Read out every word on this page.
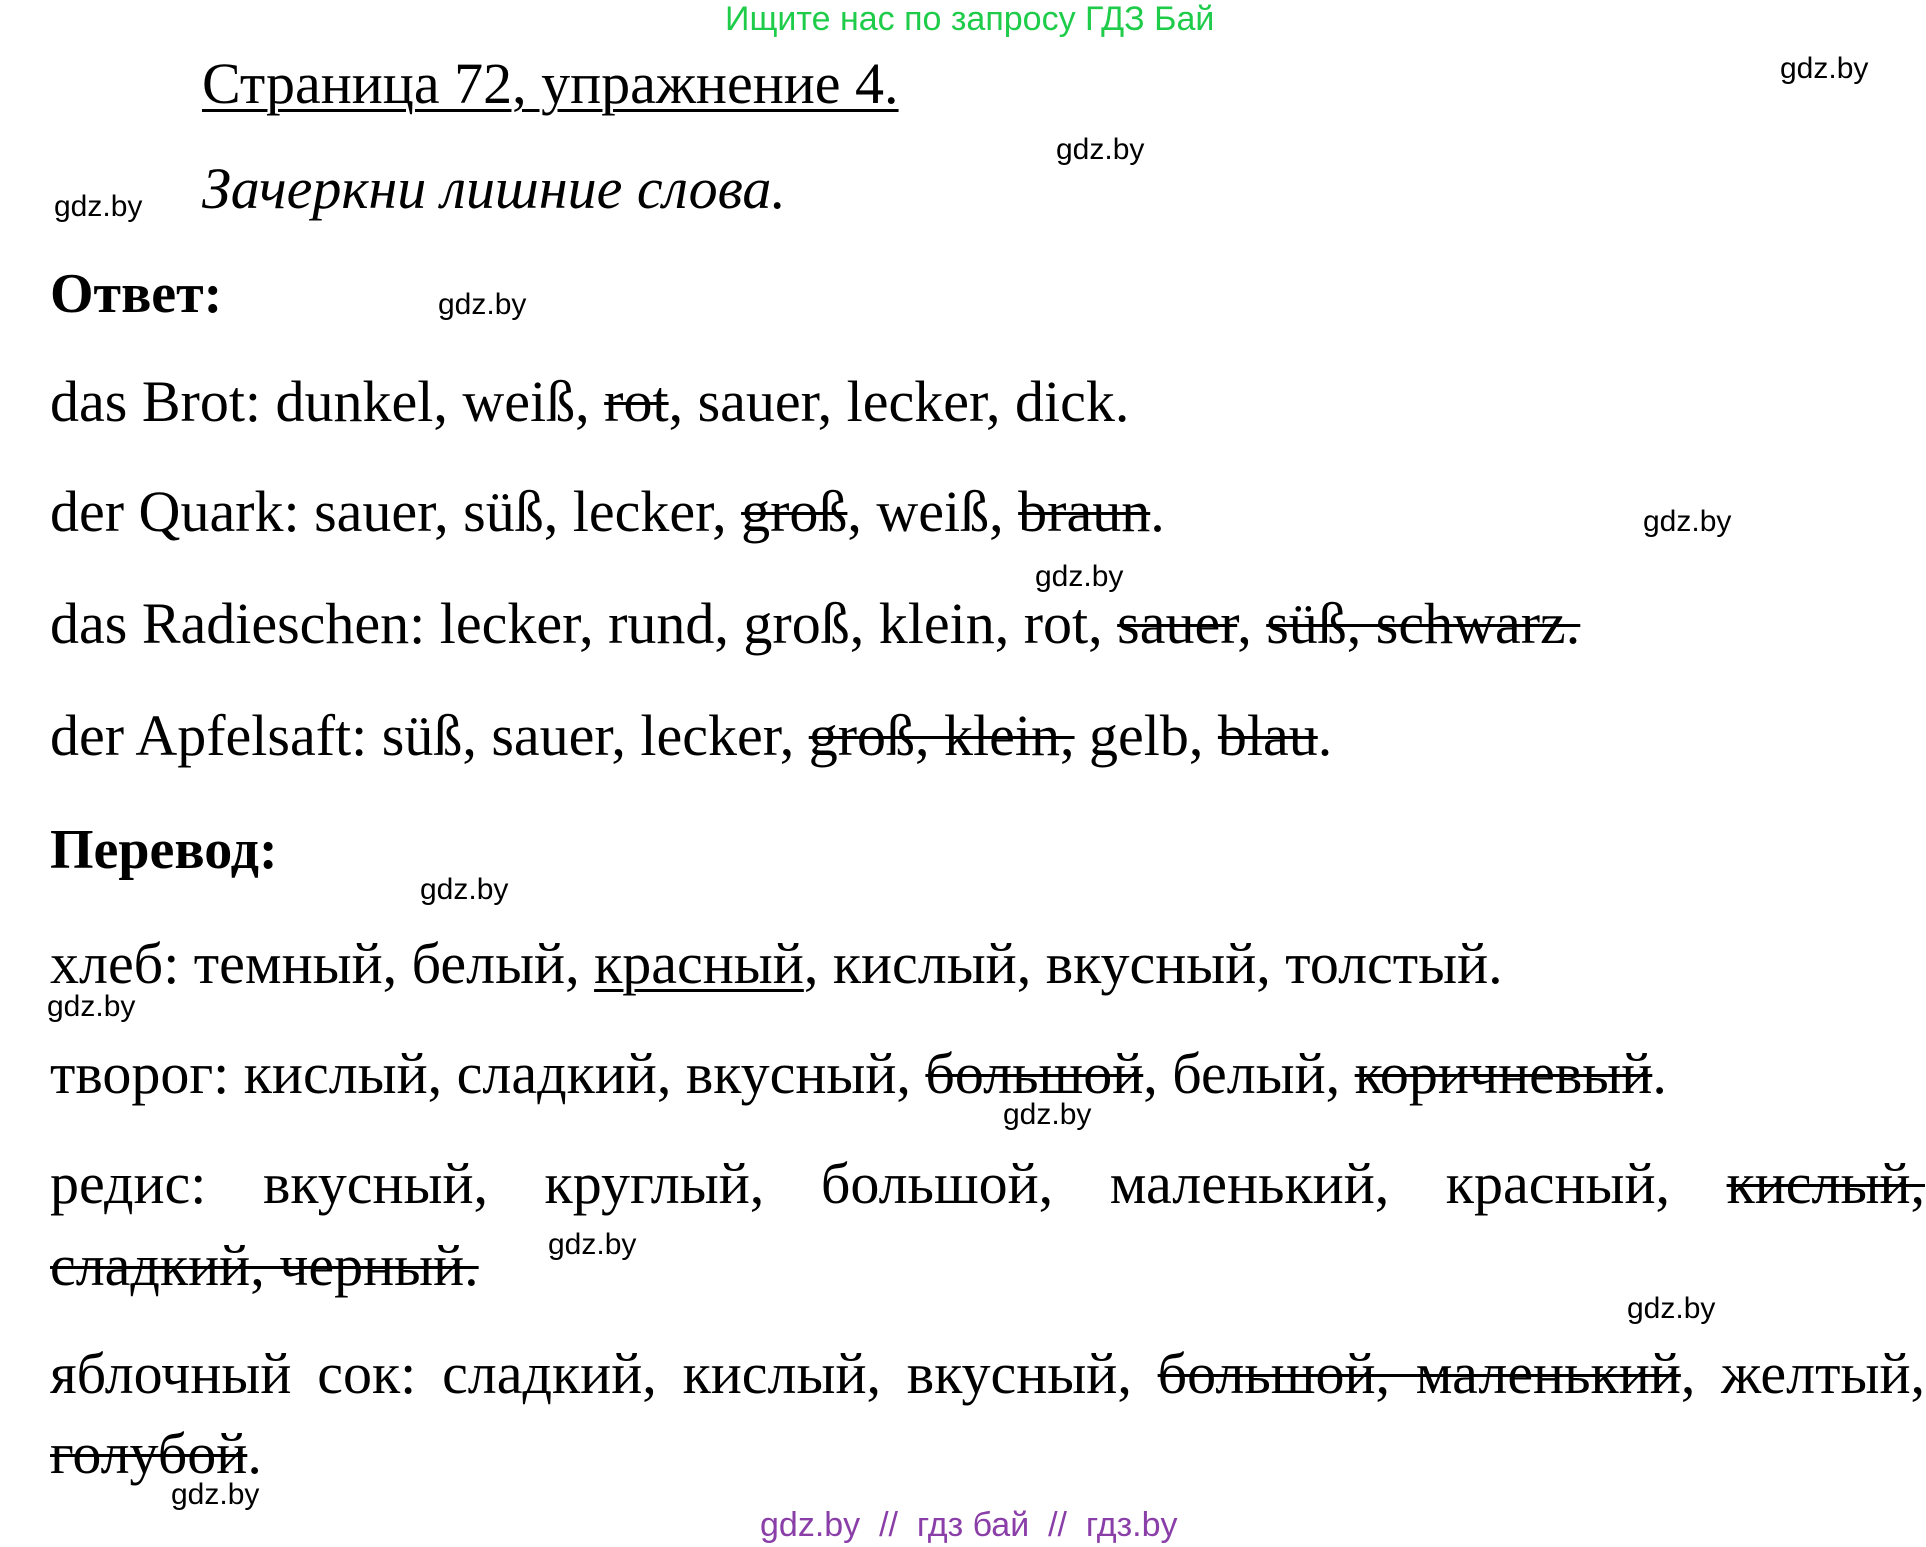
Ищите нас по запросу ГДЗ Бай
Страница 72, упражнение 4.
Зачеркни лишние слова.
Ответ:
das Brot: dunkel, weiß, rot, sauer, lecker, dick.
der Quark: sauer, süß, lecker, groß, weiß, braun.
das Radieschen: lecker, rund, groß, klein, rot, sauer, süß, schwarz.
der Apfelsaft: süß, sauer, lecker, groß, klein, gelb, blau.
Перевод:
хлеб: темный, белый, красный, кислый, вкусный, толстый.
творог: кислый, сладкий, вкусный, большой, белый, коричневый.
редис: вкусный, круглый, большой, маленький, красный, кислый,
сладкий, черный.
яблочный сок: сладкий, кислый, вкусный, большой, маленький, желтый,
голубой.
gdz.by
gdz.by
gdz.by
gdz.by
gdz.by
gdz.by
gdz.by
gdz.by
gdz.by
gdz.by
gdz.by
gdz.by
gdz.by  //  гдз бай  //  гдз.by
